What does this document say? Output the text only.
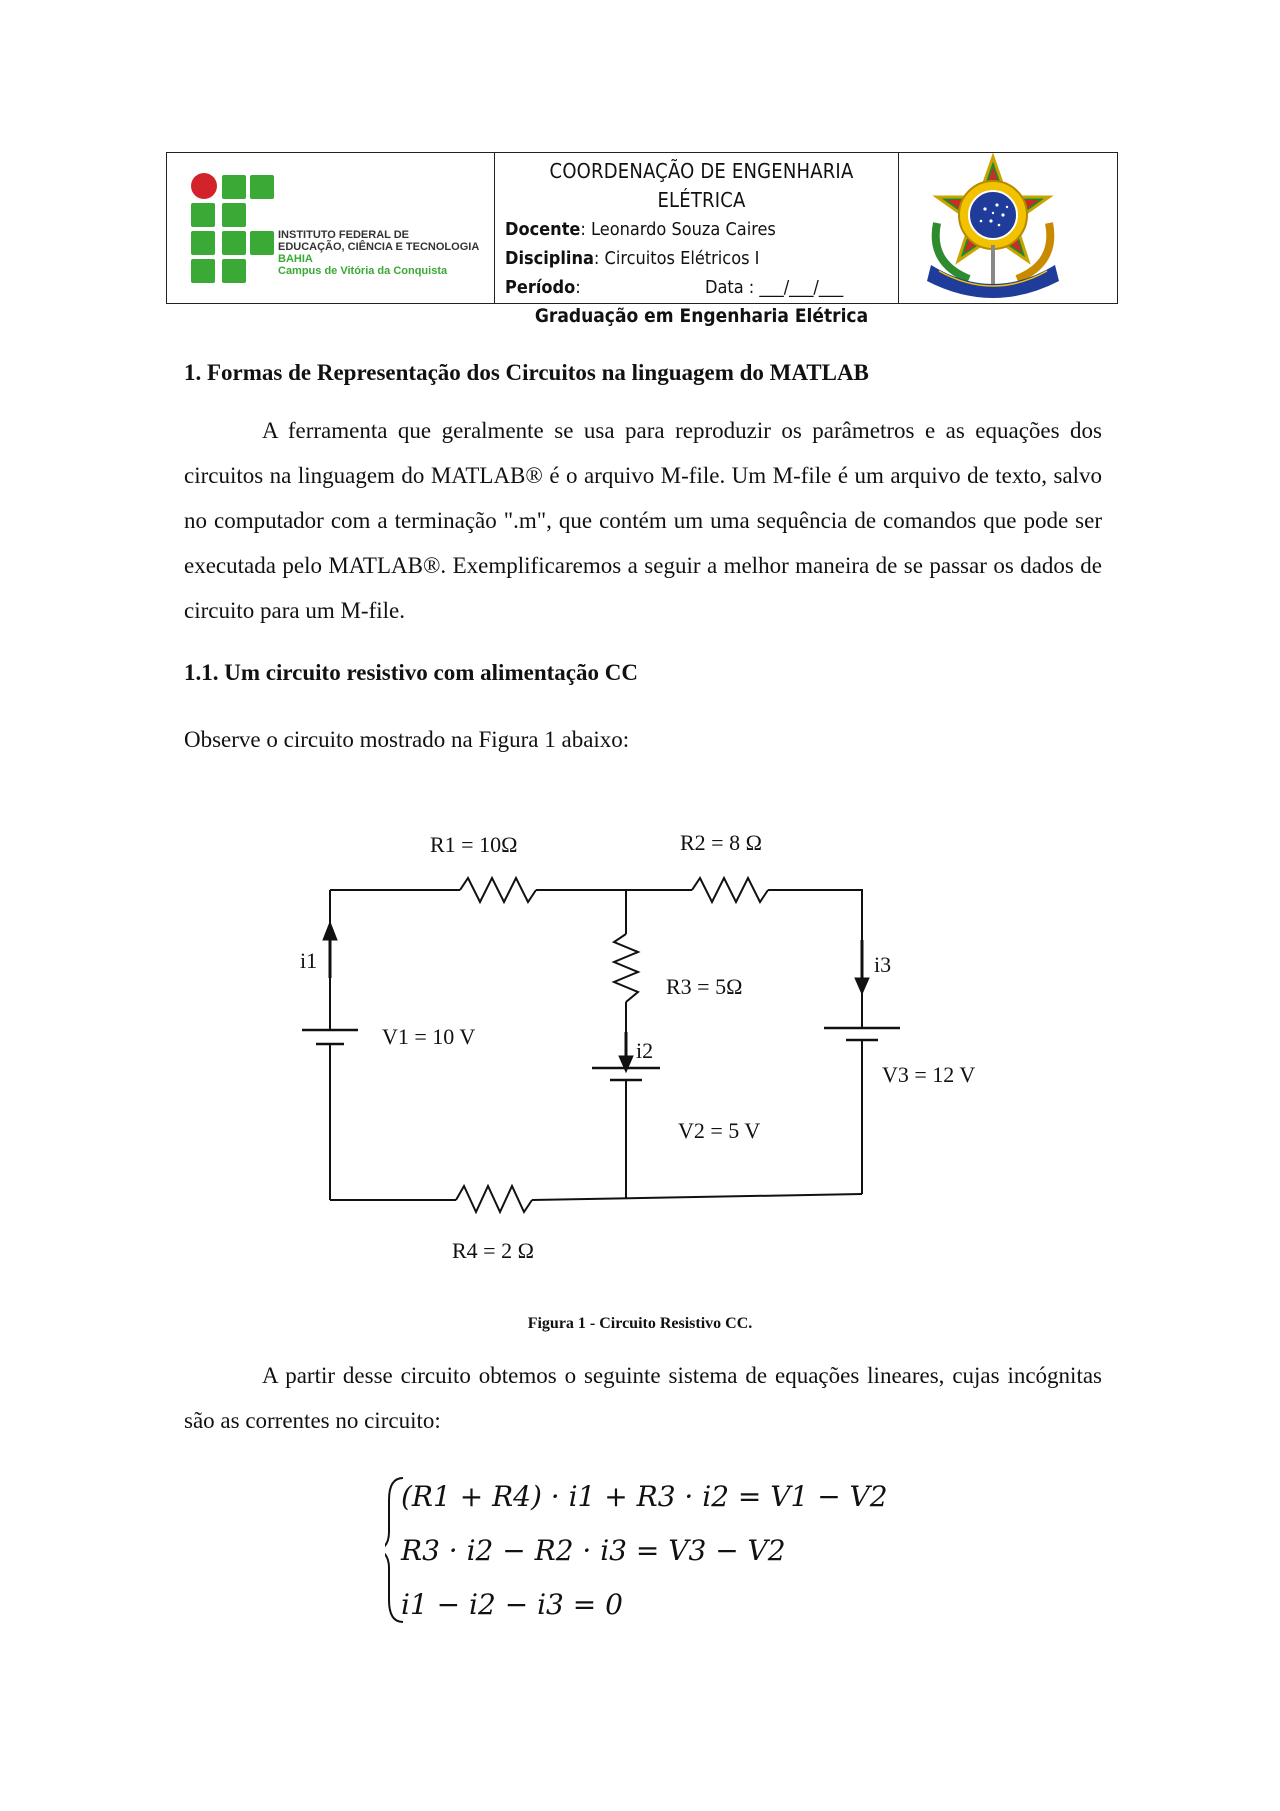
INSTITUTO FEDERAL DE
EDUCAÇÃO, CIÊNCIA E TECNOLOGIA
BAHIA
Campus de Vitória da Conquista
COORDENAÇÃO DE ENGENHARIA ELÉTRICA
Docente: Leonardo Souza Caires
Disciplina: Circuitos Elétricos I
Período:	Data : ___/___/___
Graduação em Engenharia Elétrica
1. Formas de Representação dos Circuitos na linguagem do MATLAB
A ferramenta que geralmente se usa para reproduzir os parâmetros e as equações dos circuitos na linguagem do MATLAB® é o arquivo M-file. Um M-file é um arquivo de texto, salvo no computador com a terminação ".m", que contém um uma sequência de comandos que pode ser executada pelo MATLAB®. Exemplificaremos a seguir a melhor maneira de se passar os dados de circuito para um M-file.
1.1. Um circuito resistivo com alimentação CC
Observe o circuito mostrado na Figura 1 abaixo:
R1 = 10Ω	R2 = 8 Ω
R3 = 5Ω
R4 = 2 Ω
V1 = 10 V
V2 = 5 V
V3 = 12 V
i1
i2
i3
Figura 1 - Circuito Resistivo CC.
A partir desse circuito obtemos o seguinte sistema de equações lineares, cujas incógnitas são as correntes no circuito:
(R1 + R4) · i1 + R3 · i2 = V1 − V2
R3 · i2 − R2 · i3 = V3 − V2
i1 − i2 − i3 = 0
